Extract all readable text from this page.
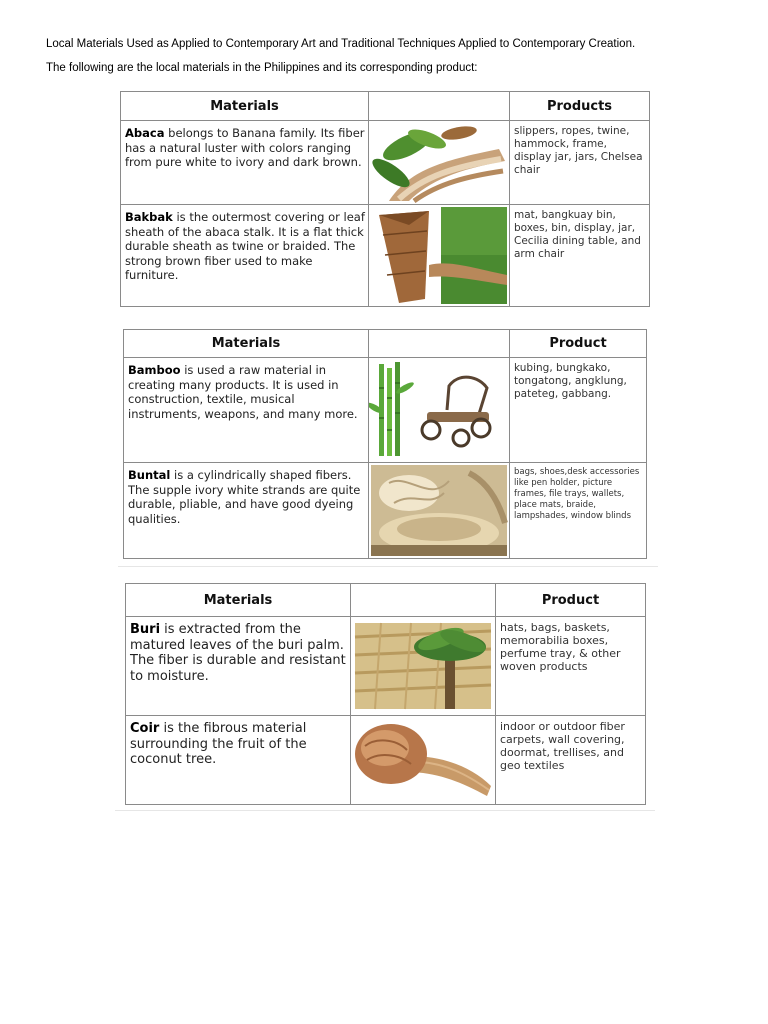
Local Materials Used as Applied to Contemporary Art and Traditional Techniques Applied to Contemporary Creation.
The following are the local materials in the Philippines and its corresponding product:
Materials		Products

Abaca belongs to Banana family. Its fiber has a natural luster with colors ranging from pure white to ivory and dark brown.		slippers, ropes, twine, hammock, frame, display jar, jars, Chelsea chair

Bakbak is the outermost covering or leaf sheath of the abaca stalk. It is a flat thick durable sheath as twine or braided. The strong brown fiber used to make furniture.		mat, bangkuay bin, boxes, bin, display, jar, Cecilia dining table, and arm chair
Materials		Product

Bamboo is used a raw material in creating many products. It is used in construction, textile, musical instruments, weapons, and many more.		kubing, bungkako, tongatong, angklung, pateteg, gabbang.

Buntal is a cylindrically shaped fibers. The supple ivory white strands are quite durable, pliable, and have good dyeing qualities.		bags, shoes,desk accessories like pen holder, picture frames, file trays, wallets, place mats, braide, lampshades, window blinds
Materials		Product

Buri is extracted from the matured leaves of the buri palm. The fiber is durable and resistant to moisture.		hats, bags, baskets, memorabilia boxes, perfume tray, & other woven products

Coir is the fibrous material surrounding the fruit of the coconut tree.		indoor or outdoor fiber carpets, wall covering, doormat, trellises, and geo textiles
